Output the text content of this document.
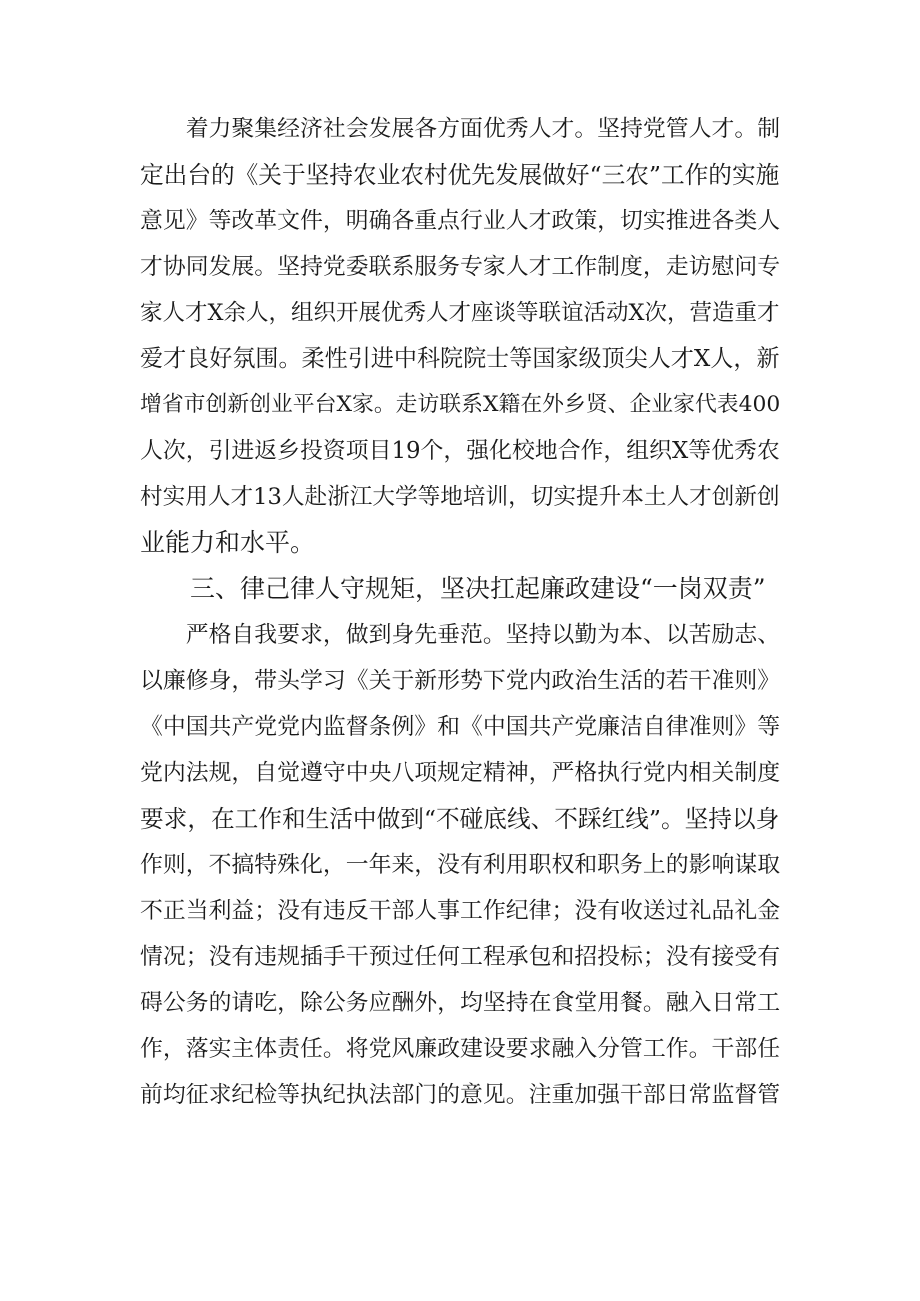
　　着力聚集经济社会发展各方面优秀人才。坚持党管人才。制
定出台的《关于坚持农业农村优先发展做好“三农”工作的实施
意见》等改革文件，明确各重点行业人才政策，切实推进各类人
才协同发展。坚持党委联系服务专家人才工作制度，走访慰问专
家人才X余人，组织开展优秀人才座谈等联谊活动X次，营造重才
爱才良好氛围。柔性引进中科院院士等国家级顶尖人才X人，新
增省市创新创业平台X家。走访联系X籍在外乡贤、企业家代表400
人次，引进返乡投资项目19个，强化校地合作，组织X等优秀农
村实用人才13人赴浙江大学等地培训，切实提升本土人才创新创
业能力和水平。
　　三、律己律人守规矩，坚决扛起廉政建设“一岗双责”
　　严格自我要求，做到身先垂范。坚持以勤为本、以苦励志、
以廉修身，带头学习《关于新形势下党内政治生活的若干准则》
《中国共产党党内监督条例》和《中国共产党廉洁自律准则》等
党内法规，自觉遵守中央八项规定精神，严格执行党内相关制度
要求，在工作和生活中做到“不碰底线、不踩红线”。坚持以身
作则，不搞特殊化，一年来，没有利用职权和职务上的影响谋取
不正当利益；没有违反干部人事工作纪律；没有收送过礼品礼金
情况；没有违规插手干预过任何工程承包和招投标；没有接受有
碍公务的请吃，除公务应酬外，均坚持在食堂用餐。融入日常工
作，落实主体责任。将党风廉政建设要求融入分管工作。干部任
前均征求纪检等执纪执法部门的意见。注重加强干部日常监督管
